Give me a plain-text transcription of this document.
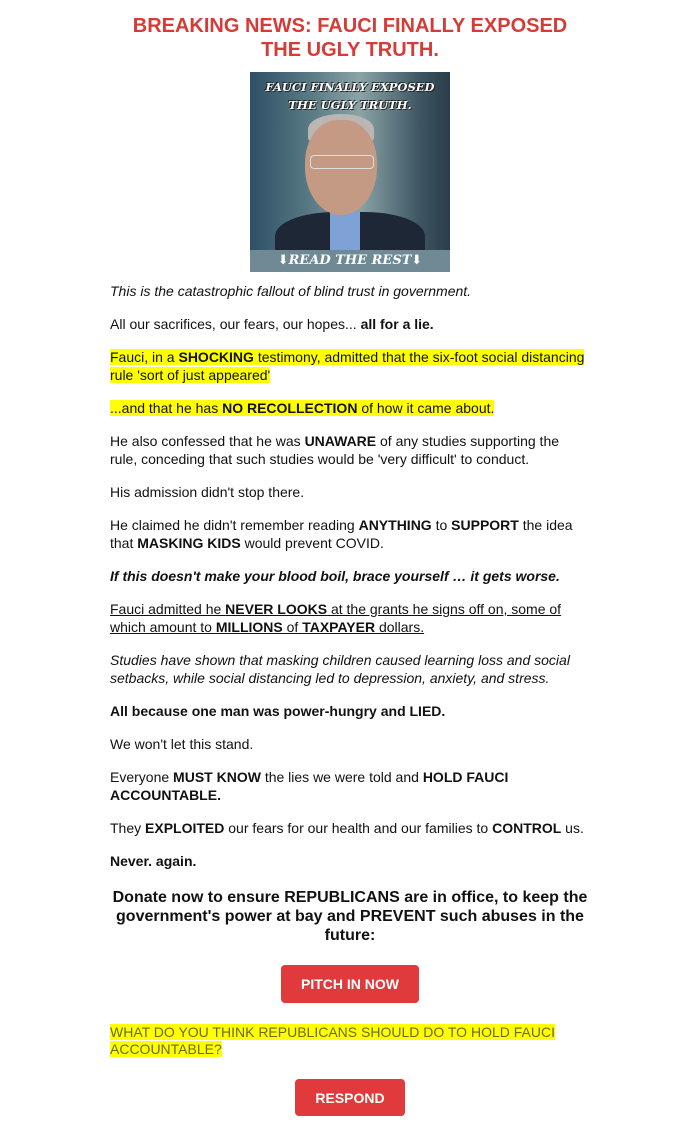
BREAKING NEWS: FAUCI FINALLY EXPOSED THE UGLY TRUTH.
FAUCI FINALLY EXPOSED
THE UGLY TRUTH.
⬇READ THE REST⬇

This is the catastrophic fallout of blind trust in government.

All our sacrifices, our fears, our hopes... all for a lie.

Fauci, in a SHOCKING testimony, admitted that the six-foot social distancing rule 'sort of just appeared'

...and that he has NO RECOLLECTION of how it came about.

He also confessed that he was UNAWARE of any studies supporting the rule, conceding that such studies would be 'very difficult' to conduct.

His admission didn't stop there.

He claimed he didn't remember reading ANYTHING to SUPPORT the idea that MASKING KIDS would prevent COVID.

If this doesn't make your blood boil, brace yourself … it gets worse.

Fauci admitted he NEVER LOOKS at the grants he signs off on, some of which amount to MILLIONS of TAXPAYER dollars.

Studies have shown that masking children caused learning loss and social setbacks, while social distancing led to depression, anxiety, and stress.

All because one man was power-hungry and LIED.

We won't let this stand.

Everyone MUST KNOW the lies we were told and HOLD FAUCI ACCOUNTABLE.

They EXPLOITED our fears for our health and our families to CONTROL us.

Never. again.

Donate now to ensure REPUBLICANS are in office, to keep the government's power at bay and PREVENT such abuses in the future:
PITCH IN NOW
WHAT DO YOU THINK REPUBLICANS SHOULD DO TO HOLD FAUCI ACCOUNTABLE?
RESPOND
